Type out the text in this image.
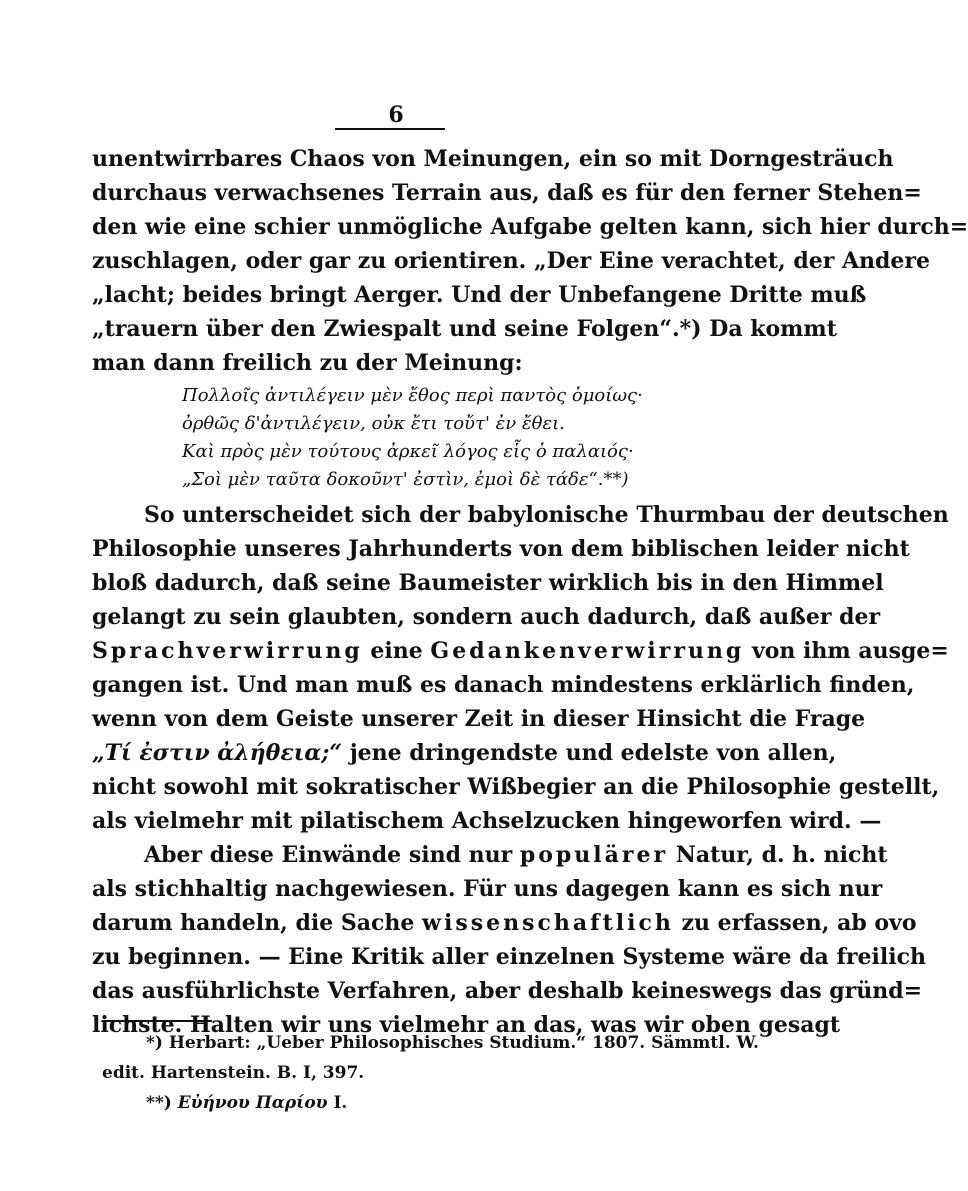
6
unentwirrbares Chaos von Meinungen, ein so mit Dorngesträuch
durchaus verwachsenes Terrain aus, daß es für den ferner Stehen=
den wie eine schier unmögliche Aufgabe gelten kann, sich hier durch=
zuschlagen, oder gar zu orientiren. „Der Eine verachtet, der Andere
„lacht; beides bringt Aerger. Und der Unbefangene Dritte muß
„trauern über den Zwiespalt und seine Folgen“.*) Da kommt
man dann freilich zu der Meinung:
Πολλοῖς ἀντιλέγειν μὲν ἔθος περὶ παντὸς ὁμοίως·
ὀρθῶς δ'ἀντιλέγειν, οὐκ ἔτι τοὔτ' ἐν ἔθει.
Καὶ πρὸς μὲν τούτους ἀρκεῖ λόγος εἷς ὁ παλαιός·
„Σοὶ μὲν ταῦτα δοκοῦντ' ἐστὶν, ἐμοὶ δὲ τάδε“.**)
So unterscheidet sich der babylonische Thurmbau der deutschen
Philosophie unseres Jahrhunderts von dem biblischen leider nicht
bloß dadurch, daß seine Baumeister wirklich bis in den Himmel
gelangt zu sein glaubten, sondern auch dadurch, daß außer der
Sprachverwirrung eine Gedankenverwirrung von ihm ausge=
gangen ist. Und man muß es danach mindestens erklärlich finden,
wenn von dem Geiste unserer Zeit in dieser Hinsicht die Frage
„Τί ἐστιν ἀλήθεια;“ jene dringendste und edelste von allen,
nicht sowohl mit sokratischer Wißbegier an die Philosophie gestellt,
als vielmehr mit pilatischem Achselzucken hingeworfen wird. —
Aber diese Einwände sind nur populärer Natur, d. h. nicht
als stichhaltig nachgewiesen. Für uns dagegen kann es sich nur
darum handeln, die Sache wissenschaftlich zu erfassen, ab ovo
zu beginnen. — Eine Kritik aller einzelnen Systeme wäre da freilich
das ausführlichste Verfahren, aber deshalb keineswegs das gründ=
lichste. Halten wir uns vielmehr an das, was wir oben gesagt
*) Herbart: „Ueber Philosophisches Studium.“ 1807. Sämmtl. W.
edit. Hartenstein. B. I, 397.
**) Εὐήνου Παρίου I.
